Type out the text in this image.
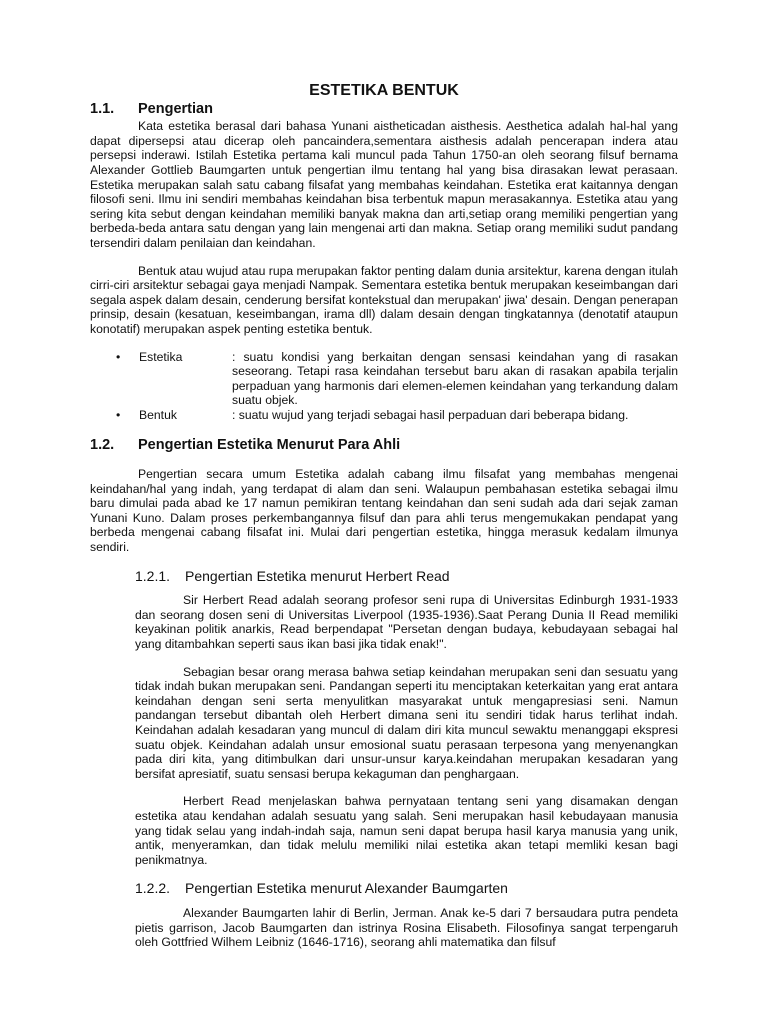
ESTETIKA BENTUK
1.1.	Pengertian

Kata estetika berasal dari bahasa Yunani aistheticadan aisthesis. Aesthetica adalah hal-hal yang dapat dipersepsi atau dicerap oleh pancaindera,sementara aisthesis adalah pencerapan indera atau persepsi inderawi. Istilah Estetika pertama kali muncul pada Tahun 1750-an oleh seorang filsuf bernama Alexander Gottlieb Baumgarten untuk pengertian ilmu tentang hal yang bisa dirasakan lewat perasaan. Estetika merupakan salah satu cabang filsafat yang membahas keindahan. Estetika erat kaitannya dengan filosofi seni. Ilmu ini sendiri membahas keindahan bisa terbentuk mapun merasakannya. Estetika atau yang sering kita sebut dengan keindahan memiliki banyak makna dan arti,setiap orang memiliki pengertian yang berbeda-beda antara satu dengan yang lain mengenai arti dan makna. Setiap orang memiliki sudut pandang tersendiri dalam penilaian dan keindahan.

Bentuk atau wujud atau rupa merupakan faktor penting dalam dunia arsitektur, karena dengan itulah cirri-ciri arsitektur sebagai gaya menjadi Nampak. Sementara estetika bentuk merupakan keseimbangan dari segala aspek dalam desain, cenderung bersifat kontekstual dan merupakan' jiwa' desain. Dengan penerapan prinsip, desain (kesatuan, keseimbangan, irama dll) dalam desain dengan tingkatannya (denotatif ataupun konotatif) merupakan aspek penting estetika bentuk.

•	Estetika	: suatu kondisi yang berkaitan dengan sensasi keindahan yang di rasakan seseorang. Tetapi rasa keindahan tersebut baru akan di rasakan apabila terjalin perpaduan yang harmonis dari elemen-elemen keindahan yang terkandung dalam suatu objek.
•	Bentuk	: suatu wujud yang terjadi sebagai hasil perpaduan dari beberapa bidang.
1.2.	Pengertian Estetika Menurut Para Ahli

Pengertian secara umum Estetika adalah cabang ilmu filsafat yang membahas mengenai keindahan/hal yang indah, yang terdapat di alam dan seni. Walaupun pembahasan estetika sebagai ilmu baru dimulai pada abad ke 17 namun pemikiran tentang keindahan dan seni sudah ada dari sejak zaman Yunani Kuno. Dalam proses perkembangannya filsuf dan para ahli terus mengemukakan pendapat yang berbeda mengenai cabang filsafat ini. Mulai dari pengertian estetika, hingga merasuk kedalam ilmunya sendiri.

1.2.1.	Pengertian Estetika menurut Herbert Read

Sir Herbert Read adalah seorang profesor seni rupa di Universitas Edinburgh 1931-1933 dan seorang dosen seni di Universitas Liverpool (1935-1936).Saat Perang Dunia II Read memiliki keyakinan politik anarkis, Read berpendapat "Persetan dengan budaya, kebudayaan sebagai hal yang ditambahkan seperti saus ikan basi jika tidak enak!".

Sebagian besar orang merasa bahwa setiap keindahan merupakan seni dan sesuatu yang tidak indah bukan merupakan seni. Pandangan seperti itu menciptakan keterkaitan yang erat antara keindahan dengan seni serta menyulitkan masyarakat untuk mengapresiasi seni. Namun pandangan tersebut dibantah oleh Herbert dimana seni itu sendiri tidak harus terlihat indah. Keindahan adalah kesadaran yang muncul di dalam diri kita muncul sewaktu menanggapi ekspresi suatu objek. Keindahan adalah unsur emosional suatu perasaan terpesona yang menyenangkan pada diri kita, yang ditimbulkan dari unsur-unsur karya.keindahan merupakan kesadaran yang bersifat apresiatif, suatu sensasi berupa kekaguman dan penghargaan.

Herbert Read menjelaskan bahwa pernyataan tentang seni yang disamakan dengan estetika atau kendahan adalah sesuatu yang salah. Seni merupakan hasil kebudayaan manusia yang tidak selau yang indah-indah saja, namun seni dapat berupa hasil karya manusia yang unik, antik, menyeramkan, dan tidak melulu memiliki nilai estetika akan tetapi memliki kesan bagi penikmatnya.

1.2.2.	Pengertian Estetika menurut Alexander Baumgarten

Alexander Baumgarten lahir di Berlin, Jerman. Anak ke-5 dari 7 bersaudara putra pendeta pietis garrison, Jacob Baumgarten dan istrinya Rosina Elisabeth. Filosofinya sangat terpengaruh oleh Gottfried Wilhem Leibniz (1646-1716), seorang ahli matematika dan filsuf
